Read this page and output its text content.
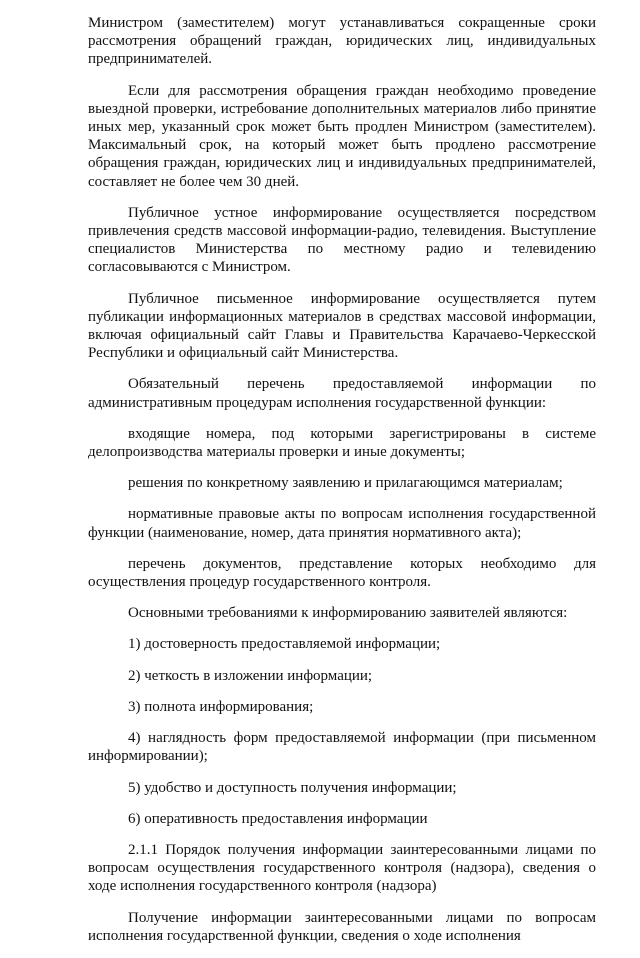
Министром (заместителем) могут устанавливаться сокращенные сроки рассмотрения обращений граждан, юридических лиц, индивидуальных предпринимателей.

Если для рассмотрения обращения граждан необходимо проведение выездной проверки, истребование дополнительных материалов либо принятие иных мер, указанный срок может быть продлен Министром (заместителем). Максимальный срок, на который может быть продлено рассмотрение обращения граждан, юридических лиц и индивидуальных предпринимателей, составляет не более чем 30 дней.

Публичное устное информирование осуществляется посредством привлечения средств массовой информации-радио, телевидения. Выступление специалистов Министерства по местному радио и телевидению согласовываются с Министром.

Публичное письменное информирование осуществляется путем публикации информационных материалов в средствах массовой информации, включая официальный сайт Главы и Правительства Карачаево-Черкесской Республики и официальный сайт Министерства.

Обязательный перечень предоставляемой информации по административным процедурам исполнения государственной функции:

входящие номера, под которыми зарегистрированы в системе делопроизводства материалы проверки и иные документы;

решения по конкретному заявлению и прилагающимся материалам;

нормативные правовые акты по вопросам исполнения государственной функции (наименование, номер, дата принятия нормативного акта);

перечень документов, представление которых необходимо для осуществления процедур государственного контроля.

Основными требованиями к информированию заявителей являются:

1) достоверность предоставляемой информации;

2) четкость в изложении информации;

3) полнота информирования;

4) наглядность форм предоставляемой информации (при письменном информировании);

5) удобство и доступность получения информации;

6) оперативность предоставления информации

2.1.1 Порядок получения информации заинтересованными лицами по вопросам осуществления государственного контроля (надзора), сведения о ходе исполнения государственного контроля (надзора)

Получение информации заинтересованными лицами по вопросам исполнения государственной функции, сведения о ходе исполнения
